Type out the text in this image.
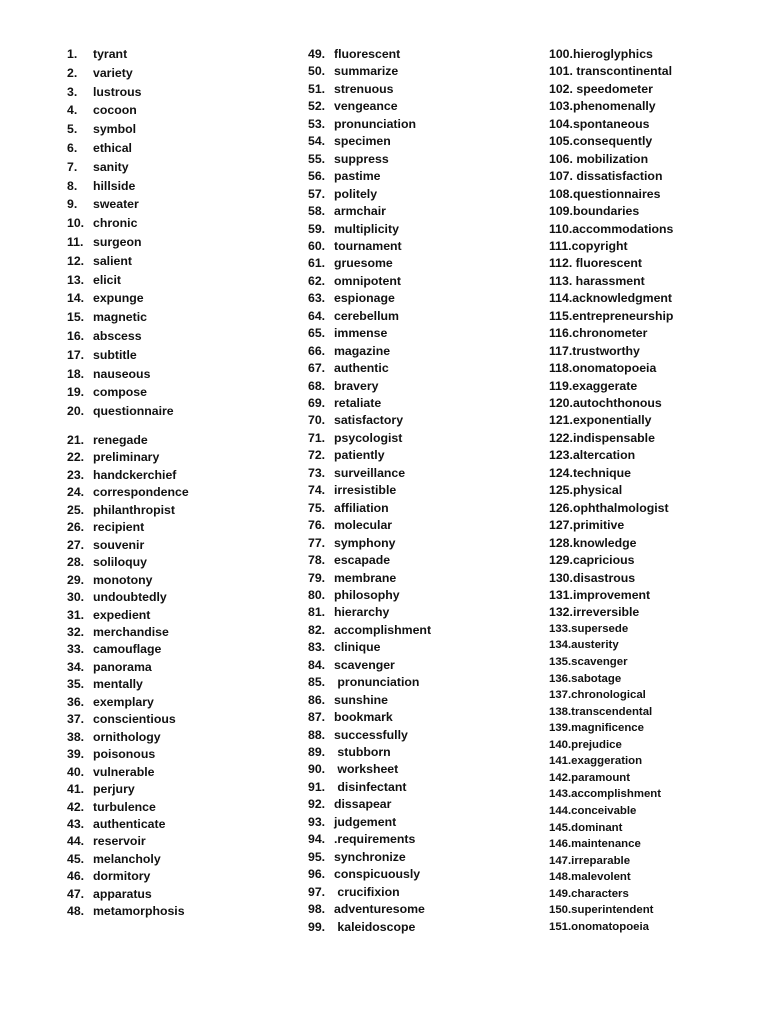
1. tyrant
2. variety
3. lustrous
4. cocoon
5. symbol
6. ethical
7. sanity
8. hillside
9. sweater
10. chronic
11. surgeon
12. salient
13. elicit
14. expunge
15. magnetic
16. abscess
17. subtitle
18. nauseous
19. compose
20. questionnaire
21. renegade
22. preliminary
23. handckerchief
24. correspondence
25. philanthropist
26. recipient
27. souvenir
28. soliloquy
29. monotony
30. undoubtedly
31. expedient
32. merchandise
33. camouflage
34. panorama
35. mentally
36. exemplary
37. conscientious
38. ornithology
39. poisonous
40. vulnerable
41. perjury
42. turbulence
43. authenticate
44. reservoir
45. melancholy
46. dormitory
47. apparatus
48. metamorphosis
49. fluorescent
50. summarize
51. strenuous
52. vengeance
53. pronunciation
54. specimen
55. suppress
56. pastime
57. politely
58. armchair
59. multiplicity
60. tournament
61. gruesome
62. omnipotent
63. espionage
64. cerebellum
65. immense
66. magazine
67. authentic
68. bravery
69. retaliate
70. satisfactory
71. psycologist
72. patiently
73. surveillance
74. irresistible
75. affiliation
76. molecular
77. symphony
78. escapade
79. membrane
80. philosophy
81. hierarchy
82. accomplishment
83. clinique
84. scavenger
85. pronunciation
86. sunshine
87. bookmark
88. successfully
89. stubborn
90. worksheet
91. disinfectant
92. dissapear
93. judgement
94. .requirements
95. synchronize
96. conspicuously
97. crucifixion
98. adventuresome
99. kaleidoscope
100.hieroglyphics
101. transcontinental
102. speedometer
103.phenomenally
104.spontaneous
105.consequently
106. mobilization
107. dissatisfaction
108.questionnaires
109.boundaries
110.accommodations
111.copyright
112. fluorescent
113. harassment
114.acknowledgment
115.entrepreneurship
116.chronometer
117.trustworthy
118.onomatopoeia
119.exaggerate
120.autochthonous
121.exponentially
122.indispensable
123.altercation
124.technique
125.physical
126.ophthalmologist
127.primitive
128.knowledge
129.capricious
130.disastrous
131.improvement
132.irreversible
133.supersede
134.austerity
135.scavenger
136.sabotage
137.chronological
138.transcendental
139.magnificence
140.prejudice
141.exaggeration
142.paramount
143.accomplishment
144.conceivable
145.dominant
146.maintenance
147.irreparable
148.malevolent
149.characters
150.superintendent
151.onomatopoeia
